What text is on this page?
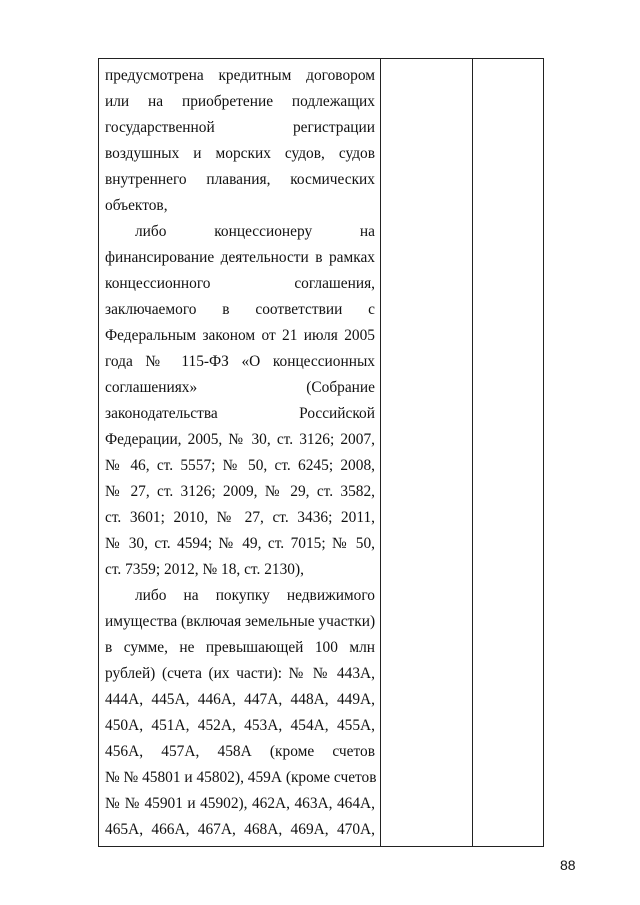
предусмотрена кредитным договором
или на приобретение подлежащих
государственной регистрации
воздушных и морских судов, судов
внутреннего плавания, космических
объектов,
либо концессионеру на
финансирование деятельности в рамках
концессионного соглашения,
заключаемого в соответствии с
Федеральным законом от 21 июля 2005
года № 115-ФЗ «О концессионных
соглашениях» (Собрание
законодательства Российской
Федерации, 2005, № 30, ст. 3126; 2007,
№ 46, ст. 5557; № 50, ст. 6245; 2008,
№ 27, ст. 3126; 2009, № 29, ст. 3582,
ст. 3601; 2010, № 27, ст. 3436; 2011,
№ 30, ст. 4594; № 49, ст. 7015; № 50,
ст. 7359; 2012, № 18, ст. 2130),
либо на покупку недвижимого
имущества (включая земельные участки)
в сумме, не превышающей 100 млн
рублей) (счета (их части): № № 443А,
444А, 445А, 446А, 447А, 448А, 449А,
450А, 451А, 452А, 453А, 454А, 455А,
456А, 457А, 458А (кроме счетов
№ № 45801 и 45802), 459А (кроме счетов
№ № 45901 и 45902), 462А, 463А, 464А,
465А, 466А, 467А, 468А, 469А, 470А,
88
